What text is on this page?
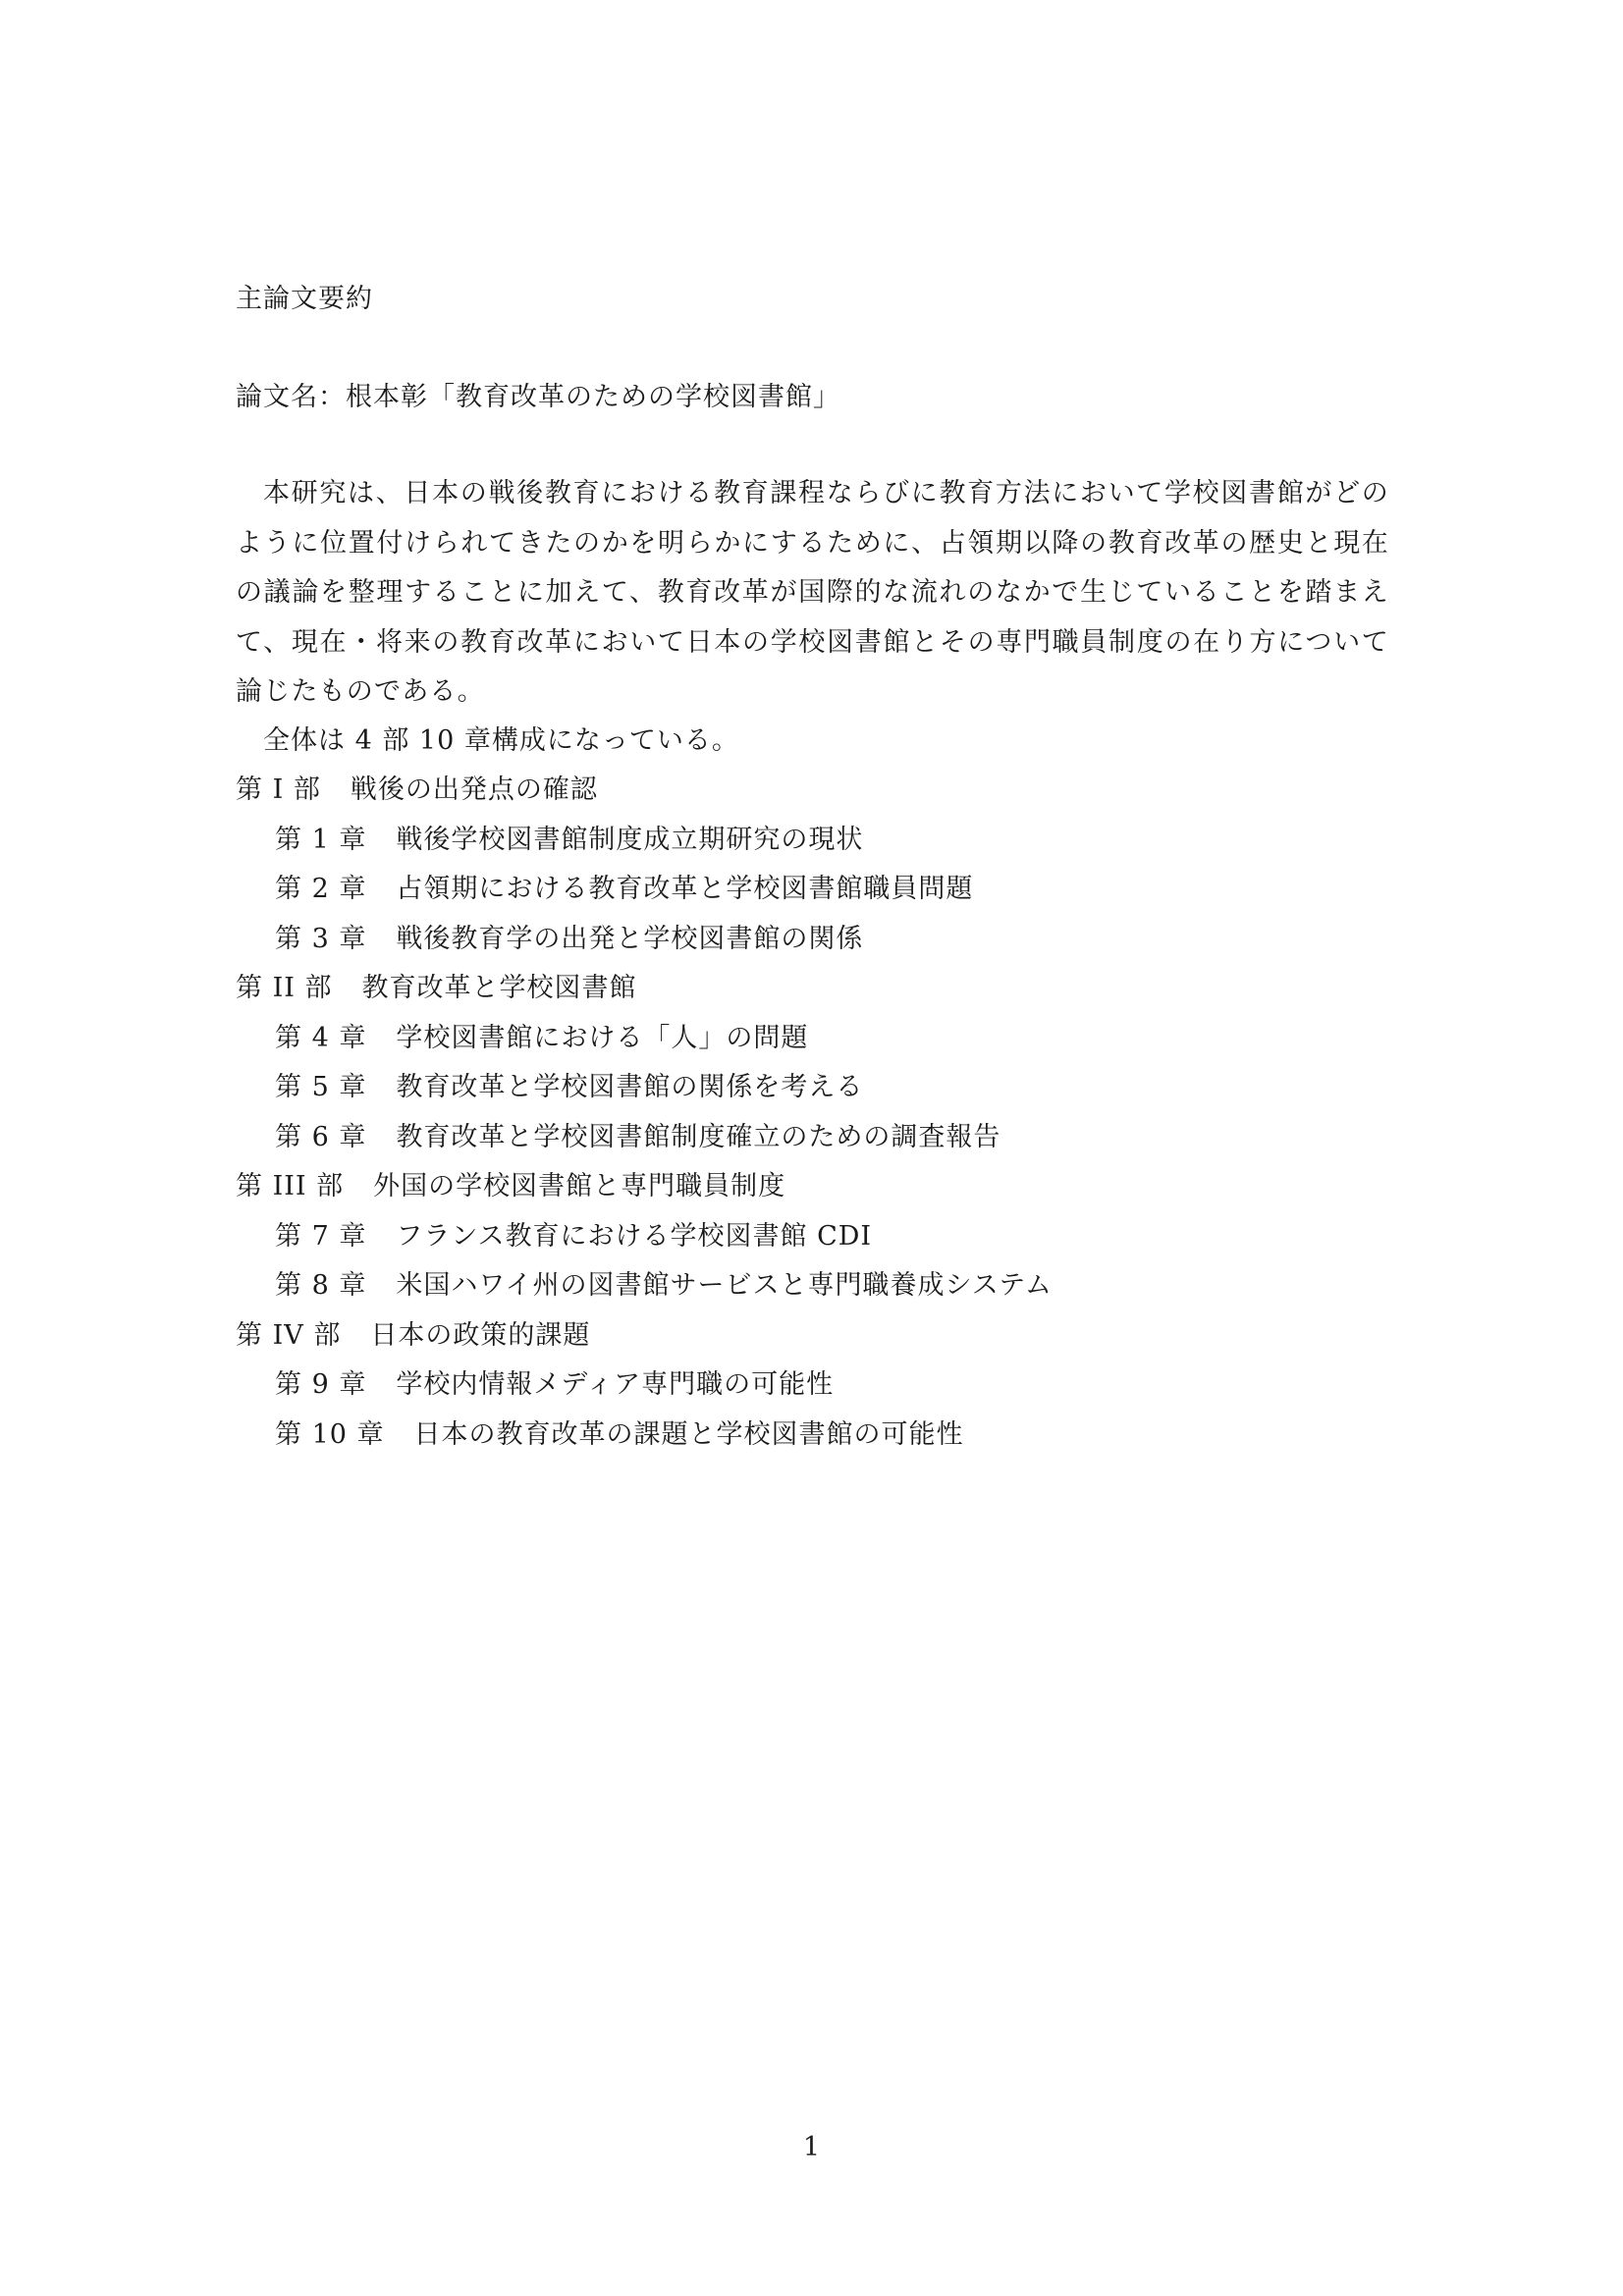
主論文要約
論文名：根本彰「教育改革のための学校図書館」

本研究は、日本の戦後教育における教育課程ならびに教育方法において学校図書館がどのように位置付けられてきたのかを明らかにするために、占領期以降の教育改革の歴史と現在の議論を整理することに加えて、教育改革が国際的な流れのなかで生じていることを踏まえて、現在・将来の教育改革において日本の学校図書館とその専門職員制度の在り方について論じたものである。

全体は 4 部 10 章構成になっている。
第 I 部 戦後の出発点の確認
第 1 章 戦後学校図書館制度成立期研究の現状
第 2 章 占領期における教育改革と学校図書館職員問題
第 3 章 戦後教育学の出発と学校図書館の関係
第 II 部 教育改革と学校図書館
第 4 章 学校図書館における「人」の問題
第 5 章 教育改革と学校図書館の関係を考える
第 6 章 教育改革と学校図書館制度確立のための調査報告
第 III 部 外国の学校図書館と専門職員制度
第 7 章 フランス教育における学校図書館 CDI
第 8 章 米国ハワイ州の図書館サービスと専門職養成システム
第 IV 部 日本の政策的課題
第 9 章 学校内情報メディア専門職の可能性
第 10 章 日本の教育改革の課題と学校図書館の可能性
1
